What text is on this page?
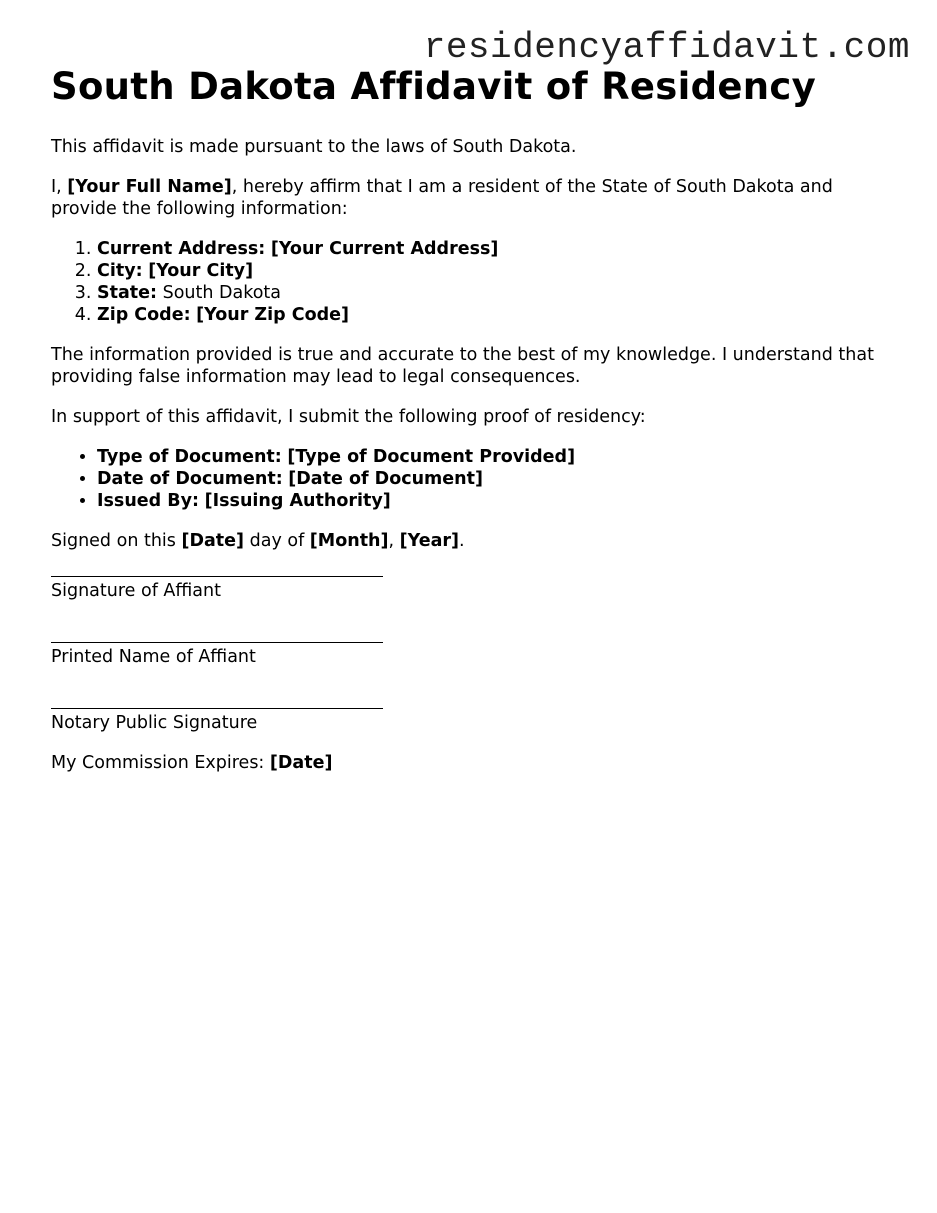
residencyaffidavit.com
South Dakota Affidavit of Residency

This affidavit is made pursuant to the laws of South Dakota.

I, [Your Full Name], hereby affirm that I am a resident of the State of South Dakota and provide the following information:

1. Current Address: [Your Current Address]
2. City: [Your City]
3. State: South Dakota
4. Zip Code: [Your Zip Code]

The information provided is true and accurate to the best of my knowledge. I understand that providing false information may lead to legal consequences.

In support of this affidavit, I submit the following proof of residency:

• Type of Document: [Type of Document Provided]
• Date of Document: [Date of Document]
• Issued By: [Issuing Authority]

Signed on this [Date] day of [Month], [Year].

Signature of Affiant
Printed Name of Affiant
Notary Public Signature

My Commission Expires: [Date]
